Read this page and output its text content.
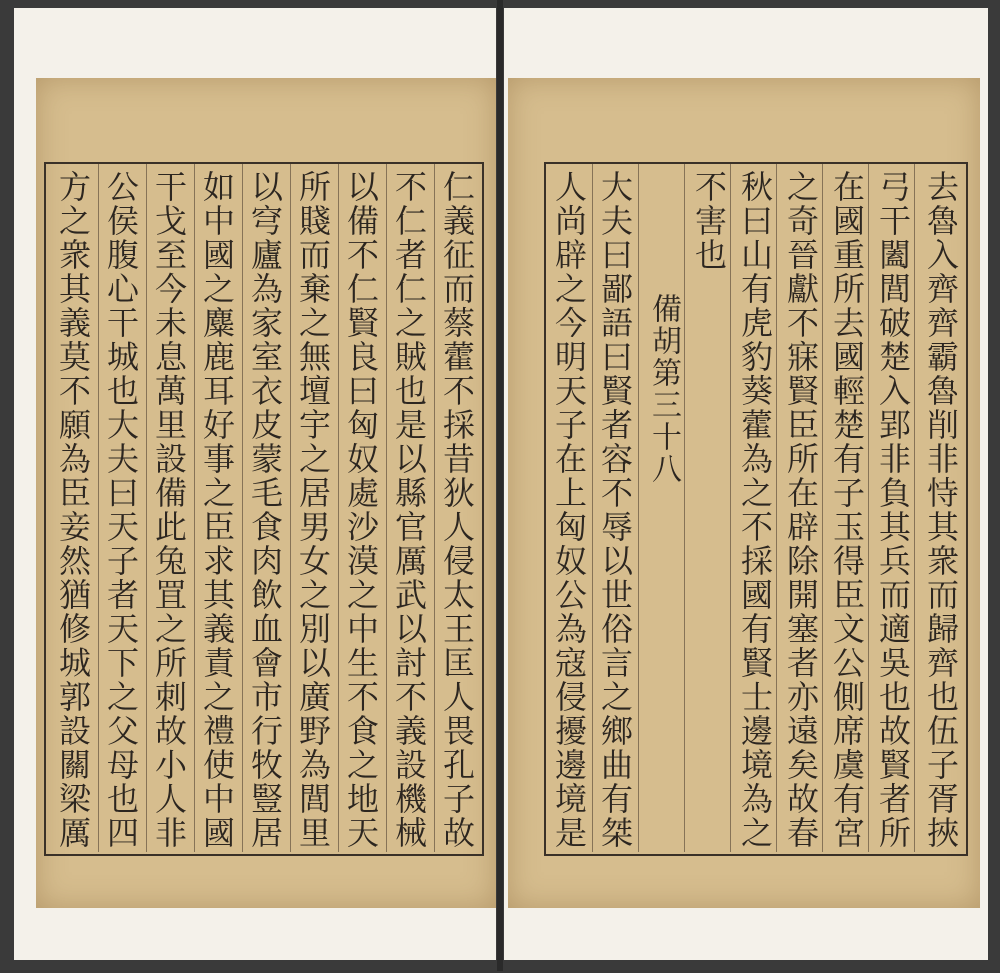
仁義征而蔡藿不採昔狄人侵太王匡人畏孔子故
不仁者仁之賊也是以縣官厲武以討不義設機械
以備不仁賢良曰匈奴處沙漠之中生不食之地天
所賤而棄之無壇宇之居男女之別以廣野為閭里
以穹廬為家室衣皮蒙毛食肉飲血會市行牧豎居
如中國之麋鹿耳好事之臣求其義責之禮使中國
干戈至今未息萬里設備此兔罝之所刺故小人非
公侯腹心干城也大夫曰天子者天下之父母也四
方之衆其義莫不願為臣妾然猶修城郭設關梁厲	去魯入齊齊霸魯削非恃其衆而歸齊也伍子胥挾
弓干闔閭破楚入郢非負其兵而適吳也故賢者所
在國重所去國輕楚有子玉得臣文公側席虞有宮
之奇晉獻不寐賢臣所在辟除開塞者亦遠矣故春
秋曰山有虎豹葵藿為之不採國有賢士邊境為之
不害也
備胡第三十八
大夫曰鄙語曰賢者容不辱以世俗言之鄉曲有桀
人尚辟之今明天子在上匈奴公為寇侵擾邊境是
